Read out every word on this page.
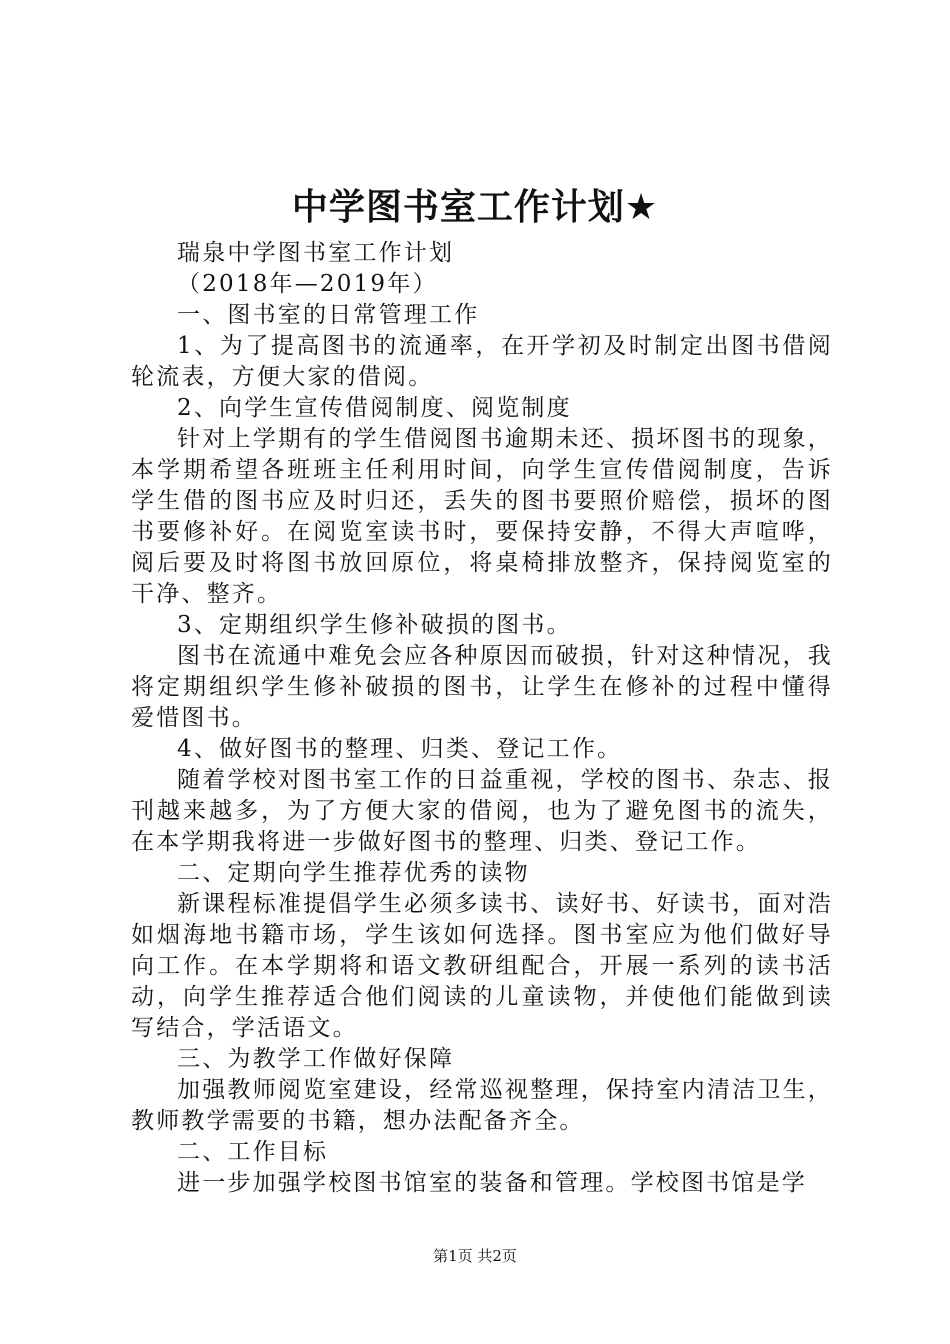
中学图书室工作计划★

瑞泉中学图书室工作计划

（2018年—2019年）

一、图书室的日常管理工作

1、为了提高图书的流通率，在开学初及时制定出图书借阅轮流表，方便大家的借阅。

2、向学生宣传借阅制度、阅览制度

针对上学期有的学生借阅图书逾期未还、损坏图书的现象，本学期希望各班班主任利用时间，向学生宣传借阅制度，告诉学生借的图书应及时归还，丢失的图书要照价赔偿，损坏的图书要修补好。在阅览室读书时，要保持安静，不得大声喧哗，阅后要及时将图书放回原位，将桌椅排放整齐，保持阅览室的干净、整齐。

3、定期组织学生修补破损的图书。

图书在流通中难免会应各种原因而破损，针对这种情况，我将定期组织学生修补破损的图书，让学生在修补的过程中懂得爱惜图书。

4、做好图书的整理、归类、登记工作。

随着学校对图书室工作的日益重视，学校的图书、杂志、报刊越来越多，为了方便大家的借阅，也为了避免图书的流失，在本学期我将进一步做好图书的整理、归类、登记工作。

二、定期向学生推荐优秀的读物

新课程标准提倡学生必须多读书、读好书、好读书，面对浩如烟海地书籍市场，学生该如何选择。图书室应为他们做好导向工作。在本学期将和语文教研组配合，开展一系列的读书活动，向学生推荐适合他们阅读的儿童读物，并使他们能做到读写结合，学活语文。

三、为教学工作做好保障

加强教师阅览室建设，经常巡视整理，保持室内清洁卫生，教师教学需要的书籍，想办法配备齐全。

二、工作目标

进一步加强学校图书馆室的装备和管理。学校图书馆是学

第1页 共2页
